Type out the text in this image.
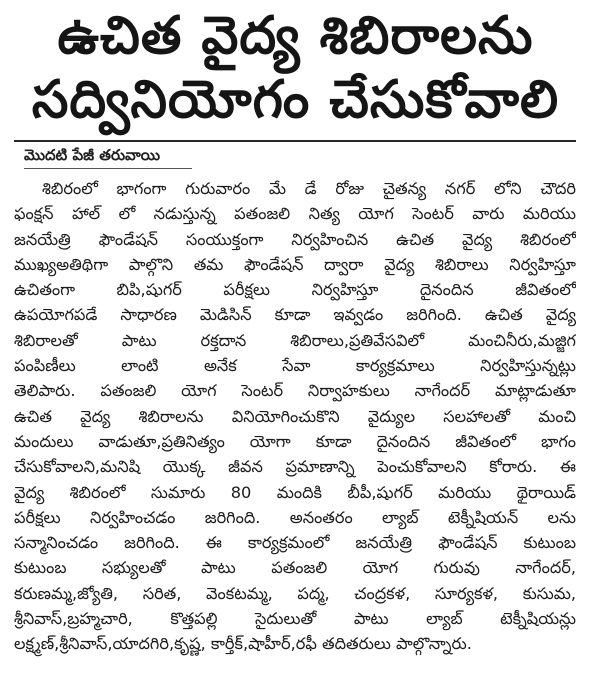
ఉచిత వైద్య శిబిరాలను
సద్వినియోగం చేసుకోవాలి
మొదటి పేజీ తరువాయి
శిబిరంలో భాగంగా గురువారం మే డే రోజు చైతన్య నగర్ లోని చౌదరి
ఫంక్షన్ హాల్ లో నడుస్తున్న పతంజలి నిత్య యోగ సెంటర్ వారు మరియు
జనయేత్రి ఫౌండేషన్ సంయుక్తంగా నిర్వహించిన ఉచిత వైద్య శిబిరంలో
ముఖ్యఅతిథిగా పాల్గొని తమ ఫౌండేషన్ ద్వారా వైద్య శిబిరాలు నిర్వహిస్తూ
ఉచితంగా బిపి,షుగర్ పరీక్షలు నిర్వహిస్తూ దైనందిన జీవితంలో
ఉపయోగపడే సాధారణ మెడిసిన్ కూడా ఇవ్వడం జరిగింది. ఉచిత వైద్య
శిబిరాలతో పాటు రక్తదాన శిబిరాలు,ప్రతివేసవిలో మంచినీరు,మజ్జిగ
పంపిణీలు లాంటి అనేక సేవా కార్యక్రమాలు నిర్వహిస్తున్నట్లు
తెలిపారు. పతంజలి యోగ సెంటర్ నిర్వాహకులు నాగేందర్ మాట్లాడుతూ
ఉచిత వైద్య శిబిరాలను వినియోగించుకొని వైద్యుల సలహాలతో మంచి
మందులు వాడుతూ,ప్రతినిత్యం యోగా కూడా దైనందిన జీవితంలో భాగం
చేసుకోవాలని,మనిషి యొక్క జీవన ప్రమాణాన్ని పెంచుకోవాలని కోరారు. ఈ
వైద్య శిబిరంలో సుమారు 80 మందికి బీపీ,షుగర్ మరియు థైరాయిడ్
పరీక్షలు నిర్వహించడం జరిగింది. అనంతరం ల్యాబ్ టెక్నీషియన్ లను
సన్మానించడం జరిగింది. ఈ కార్యక్రమంలో జనయేత్రి ఫౌండేషన్ కుటుంబ
కుటుంబ సభ్యులతో పాటు పతంజలి యోగ గురువు నాగేందర్,
కరుణమ్మ,జ్యోతి, సరిత, వెంకటమ్మ, పద్మ, చంద్రకళ, సూర్యకళ, కుసుమ,
శ్రీనివాస్,బ్రహ్మచారి, కొత్తపల్లి సైదులుతో పాటు ల్యాబ్ టెక్నీషియన్లు
లక్ష్మణ్,శ్రీనివాస్,యాదగిరి,కృష్ణ, కార్తీక్,షాహీర్,రఫీ తదితరులు పాల్గొన్నారు.
